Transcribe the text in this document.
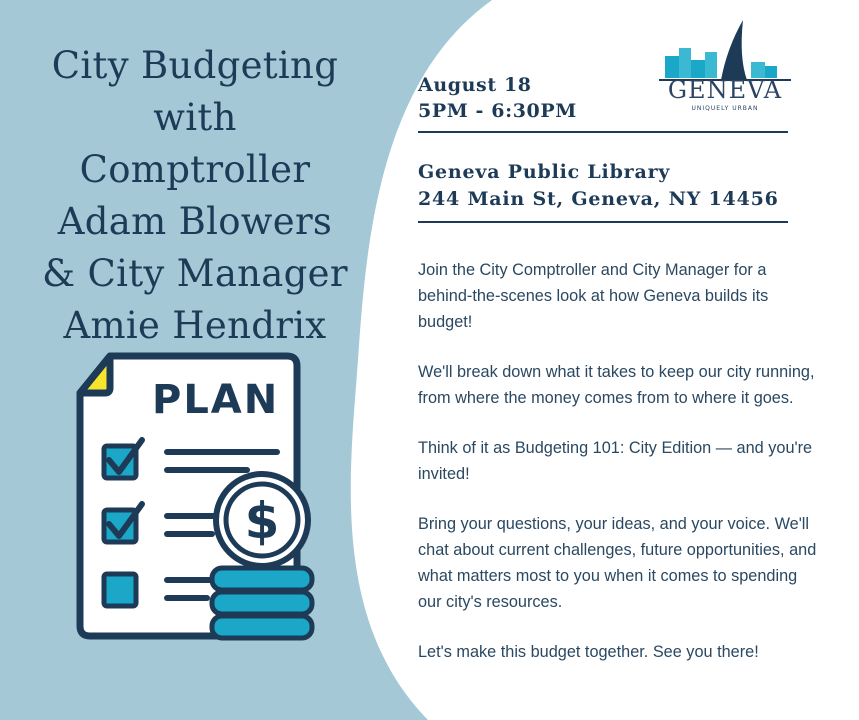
City Budgeting
with
Comptroller
Adam Blowers
& City Manager
Amie Hendrix
PLAN
$
GENEVA
UNIQUELY URBAN
August 18
5PM - 6:30PM
Geneva Public Library
244 Main St, Geneva, NY 14456

Join the City Comptroller and City Manager for a behind-the-scenes look at how Geneva builds its budget!

We'll break down what it takes to keep our city running, from where the money comes from to where it goes.

Think of it as Budgeting 101: City Edition — and you're invited!

Bring your questions, your ideas, and your voice. We'll chat about current challenges, future opportunities, and what matters most to you when it comes to spending our city's resources.

Let's make this budget together. See you there!
